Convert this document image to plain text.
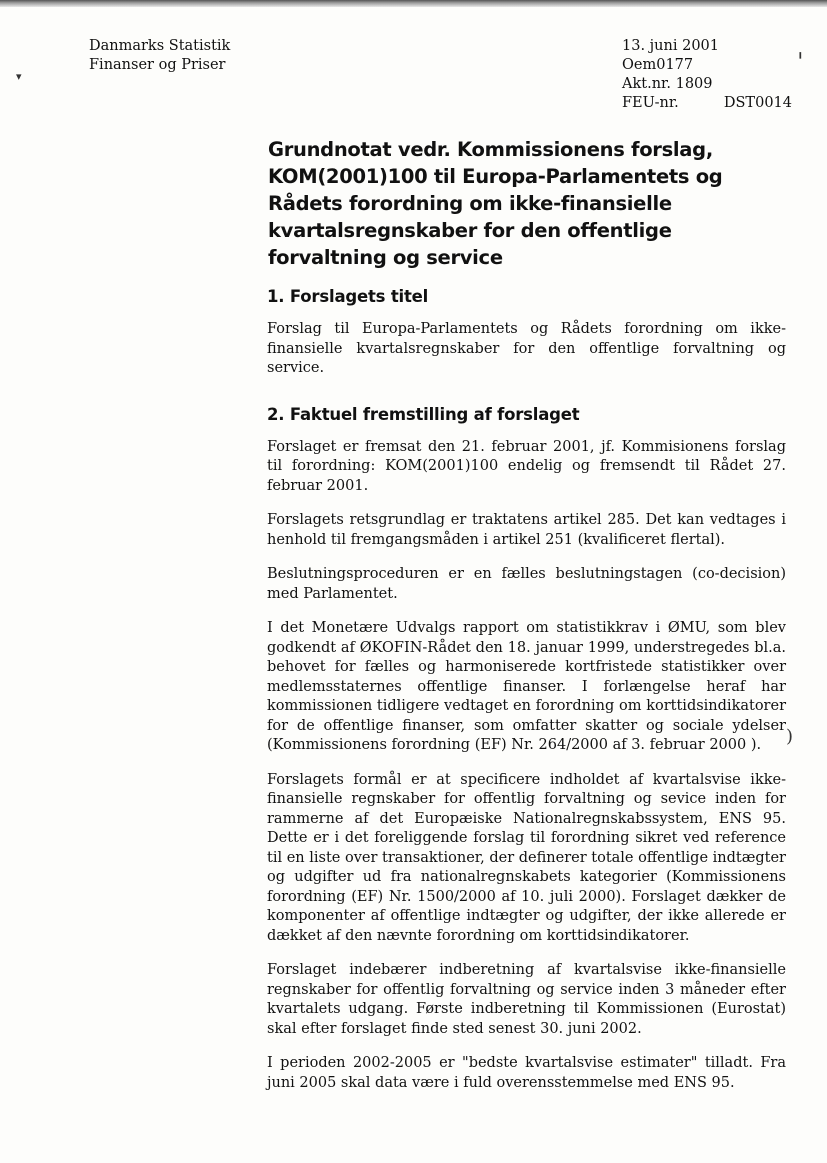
Danmarks Statistik
Finanser og Priser
13. juni 2001
Oem0177
Akt.nr. 1809
FEU-nr.	DST0014
Grundnotat vedr. Kommissionens forslag, KOM(2001)100 til Europa-Parlamentets og Rådets forordning om ikke-finansielle kvartalsregnskaber for den offentlige forvaltning og service
1. Forslagets titel

Forslag til Europa-Parlamentets og Rådets forordning om ikke-finansielle kvartalsregnskaber for den offentlige forvaltning og service.

2. Faktuel fremstilling af forslaget

Forslaget er fremsat den 21. februar 2001, jf. Kommisionens forslag til forordning: KOM(2001)100 endelig og fremsendt til Rådet 27. februar 2001.

Forslagets retsgrundlag er traktatens artikel 285. Det kan vedtages i henhold til fremgangsmåden i artikel 251 (kvalificeret flertal).

Beslutningsproceduren er en fælles beslutningstagen (co-decision) med Parlamentet.

I det Monetære Udvalgs rapport om statistikkrav i ØMU, som blev godkendt af ØKOFIN-Rådet den 18. januar 1999, understregedes bl.a. behovet for fælles og harmoniserede kortfristede statistikker over medlemsstaternes offentlige finanser. I forlængelse heraf har kommissionen tidligere vedtaget en forordning om korttidsindikatorer for de offentlige finanser, som omfatter skatter og sociale ydelser (Kommissionens forordning (EF) Nr. 264/2000 af 3. februar 2000 ).

Forslagets formål er at specificere indholdet af kvartalsvise ikke-finansielle regnskaber for offentlig forvaltning og sevice inden for rammerne af det Europæiske Nationalregnskabssystem, ENS 95. Dette er i det foreliggende forslag til forordning sikret ved reference til en liste over transaktioner, der definerer totale offentlige indtægter og udgifter ud fra nationalregnskabets kategorier (Kommissionens forordning (EF) Nr. 1500/2000 af 10. juli 2000). Forslaget dækker de komponenter af offentlige indtægter og udgifter, der ikke allerede er dækket af den nævnte forordning om korttidsindikatorer.

Forslaget indebærer indberetning af kvartalsvise ikke-finansielle regnskaber for offentlig forvaltning og service inden 3 måneder efter kvartalets udgang. Første indberetning til Kommissionen (Eurostat) skal efter forslaget finde sted senest 30. juni 2002.

I perioden 2002-2005 er "bedste kvartalsvise estimater" tilladt. Fra juni 2005 skal data være i fuld overensstemmelse med ENS 95.

╻
▾
)
